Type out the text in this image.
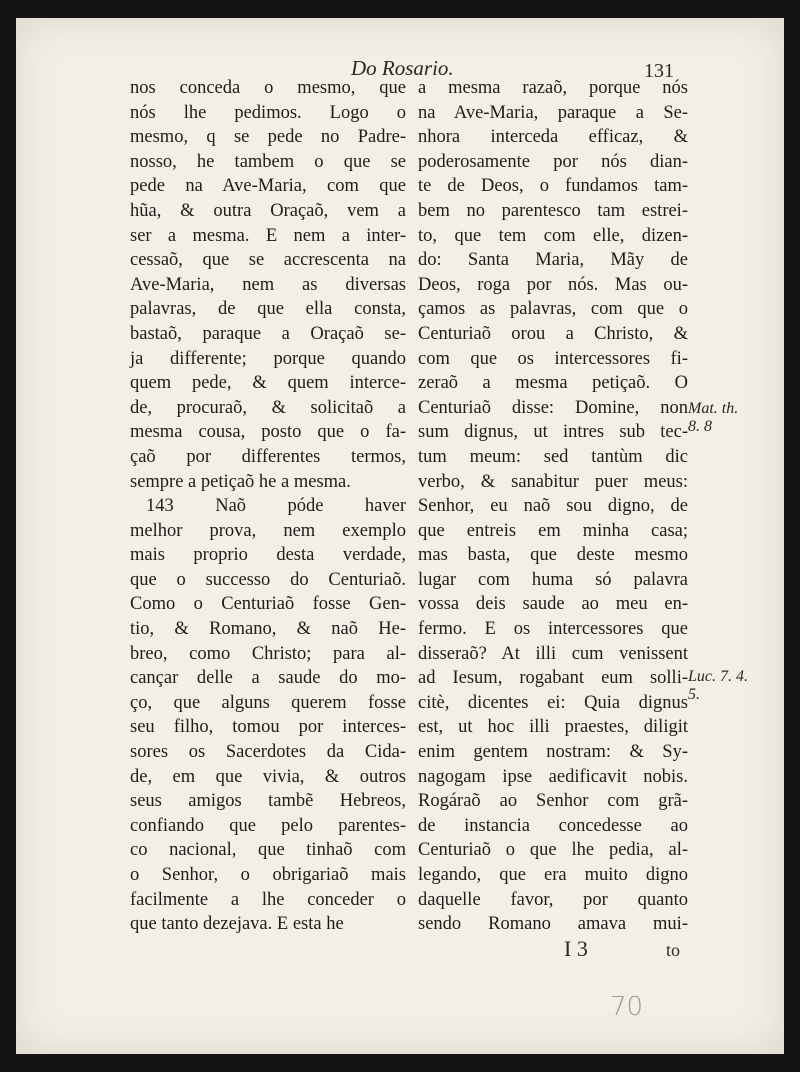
Do Rosario.	131
nos conceda o mesmo, que
nós lhe pedimos. Logo o
mesmo, q se pede no Padre-
nosso, he tambem o que se
pede na Ave-Maria, com que
hũa, & outra Oraçaõ, vem a
ser a mesma. E nem a inter-
cessaõ, que se accrescenta na
Ave-Maria, nem as diversas
palavras, de que ella consta,
bastaõ, paraque a Oraçaõ se-
ja differente; porque quando
quem pede, & quem interce-
de, procuraõ, & solicitaõ a
mesma cousa, posto que o fa-
çaõ por differentes termos,
sempre a petiçaõ he a mesma.
143 Naõ póde haver
melhor prova, nem exemplo
mais proprio desta verdade,
que o successo do Centuriaõ.
Como o Centuriaõ fosse Gen-
tio, & Romano, & naõ He-
breo, como Christo; para al-
cançar delle a saude do mo-
ço, que alguns querem fosse
seu filho, tomou por interces-
sores os Sacerdotes da Cida-
de, em que vivia, & outros
seus amigos tambẽ Hebreos,
confiando que pelo parentes-
co nacional, que tinhaõ com
o Senhor, o obrigariaõ mais
facilmente a lhe conceder o
que tanto dezejava. E esta he
a mesma razaõ, porque nós
na Ave-Maria, paraque a Se-
nhora interceda efficaz, &
poderosamente por nós dian-
te de Deos, o fundamos tam-
bem no parentesco tam estrei-
to, que tem com elle, dizen-
do: Santa Maria, Mãy de
Deos, roga por nós. Mas ou-
çamos as palavras, com que o
Centuriaõ orou a Christo, &
com que os intercessores fi-
zeraõ a mesma petiçaõ. O
Centuriaõ disse: Domine, non
sum dignus, ut intres sub tec-
tum meum: sed tantùm dic
verbo, & sanabitur puer meus:
Senhor, eu naõ sou digno, de
que entreis em minha casa;
mas basta, que deste mesmo
lugar com huma só palavra
vossa deis saude ao meu en-
fermo. E os intercessores que
disseraõ? At illi cum venissent
ad Iesum, rogabant eum solli-
citè, dicentes ei: Quia dignus
est, ut hoc illi praestes, diligit
enim gentem nostram: & Sy-
nagogam ipse aedificavit nobis.
Rogáraõ ao Senhor com grã-
de instancia concedesse ao
Centuriaõ o que lhe pedia, al-
legando, que era muito digno
daquelle favor, por quanto
sendo Romano amava mui-
Mat. th. 8. 8
Luc. 7. 4. 5.
I 3	to
70
